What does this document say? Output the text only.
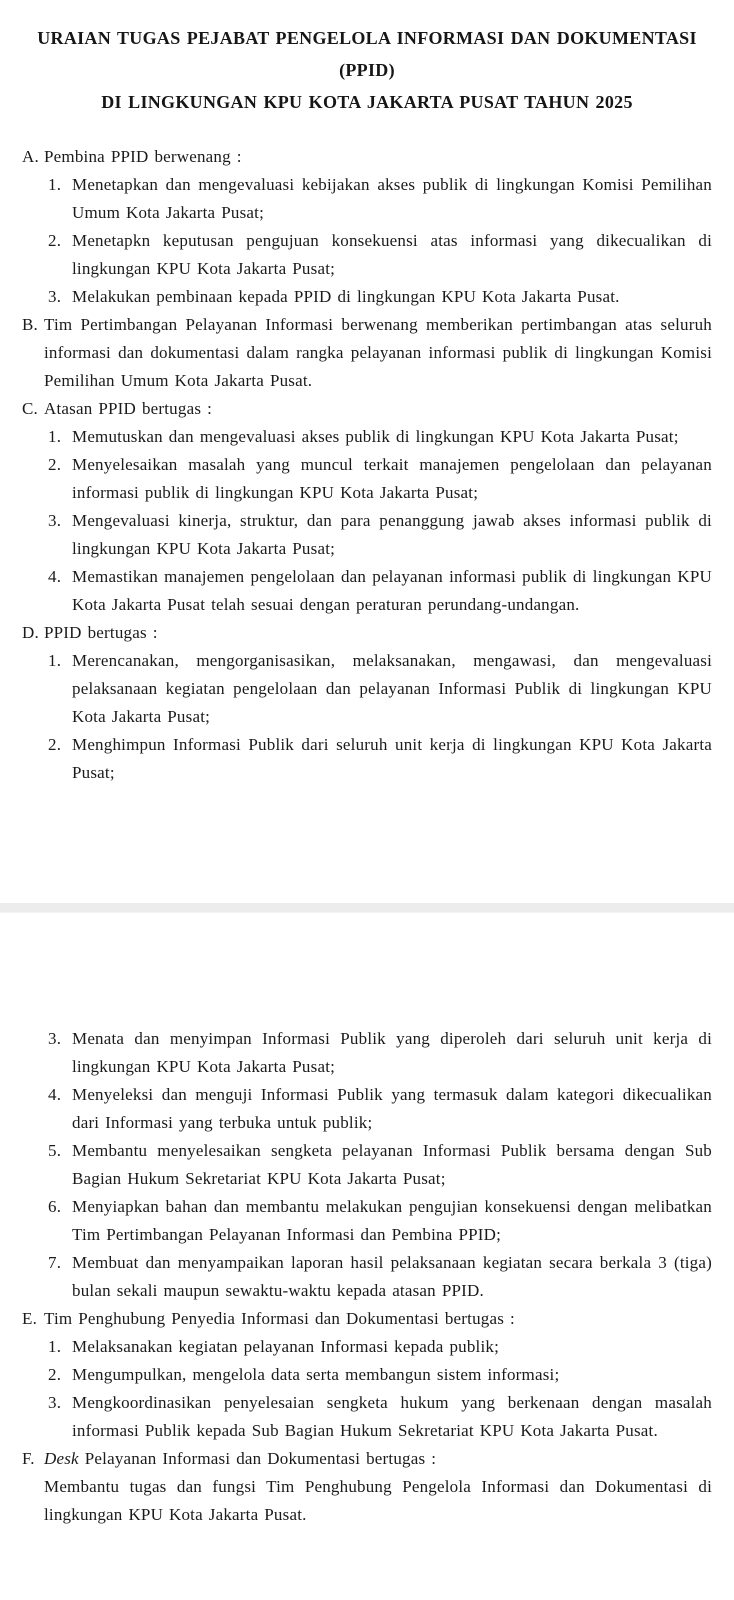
URAIAN TUGAS PEJABAT PENGELOLA INFORMASI DAN DOKUMENTASI (PPID)
DI LINGKUNGAN KPU KOTA JAKARTA PUSAT TAHUN 2025
A. Pembina PPID berwenang :
1. Menetapkan dan mengevaluasi kebijakan akses publik di lingkungan Komisi Pemilihan Umum Kota Jakarta Pusat;
2. Menetapkn keputusan pengujuan konsekuensi atas informasi yang dikecualikan di lingkungan KPU Kota Jakarta Pusat;
3. Melakukan pembinaan kepada PPID di lingkungan KPU Kota Jakarta Pusat.
B. Tim Pertimbangan Pelayanan Informasi berwenang memberikan pertimbangan atas seluruh informasi dan dokumentasi dalam rangka pelayanan informasi publik di lingkungan Komisi Pemilihan Umum Kota Jakarta Pusat.
C. Atasan PPID bertugas :
1. Memutuskan dan mengevaluasi akses publik di lingkungan KPU Kota Jakarta Pusat;
2. Menyelesaikan masalah yang muncul terkait manajemen pengelolaan dan pelayanan informasi publik di lingkungan KPU Kota Jakarta Pusat;
3. Mengevaluasi kinerja, struktur, dan para penanggung jawab akses informasi publik di lingkungan KPU Kota Jakarta Pusat;
4. Memastikan manajemen pengelolaan dan pelayanan informasi publik di lingkungan KPU Kota Jakarta Pusat telah sesuai dengan peraturan perundang-undangan.
D. PPID bertugas :
1. Merencanakan, mengorganisasikan, melaksanakan, mengawasi, dan mengevaluasi pelaksanaan kegiatan pengelolaan dan pelayanan Informasi Publik di lingkungan KPU Kota Jakarta Pusat;
2. Menghimpun Informasi Publik dari seluruh unit kerja di lingkungan KPU Kota Jakarta Pusat;
3. Menata dan menyimpan Informasi Publik yang diperoleh dari seluruh unit kerja di lingkungan KPU Kota Jakarta Pusat;
4. Menyeleksi dan menguji Informasi Publik yang termasuk dalam kategori dikecualikan dari Informasi yang terbuka untuk publik;
5. Membantu menyelesaikan sengketa pelayanan Informasi Publik bersama dengan Sub Bagian Hukum Sekretariat KPU Kota Jakarta Pusat;
6. Menyiapkan bahan dan membantu melakukan pengujian konsekuensi dengan melibatkan Tim Pertimbangan Pelayanan Informasi dan Pembina PPID;
7. Membuat dan menyampaikan laporan hasil pelaksanaan kegiatan secara berkala 3 (tiga) bulan sekali maupun sewaktu-waktu kepada atasan PPID.
E. Tim Penghubung Penyedia Informasi dan Dokumentasi bertugas :
1. Melaksanakan kegiatan pelayanan Informasi kepada publik;
2. Mengumpulkan, mengelola data serta membangun sistem informasi;
3. Mengkoordinasikan penyelesaian sengketa hukum yang berkenaan dengan masalah informasi Publik kepada Sub Bagian Hukum Sekretariat KPU Kota Jakarta Pusat.
F. Desk Pelayanan Informasi dan Dokumentasi bertugas :
Membantu tugas dan fungsi Tim Penghubung Pengelola Informasi dan Dokumentasi di lingkungan KPU Kota Jakarta Pusat.
